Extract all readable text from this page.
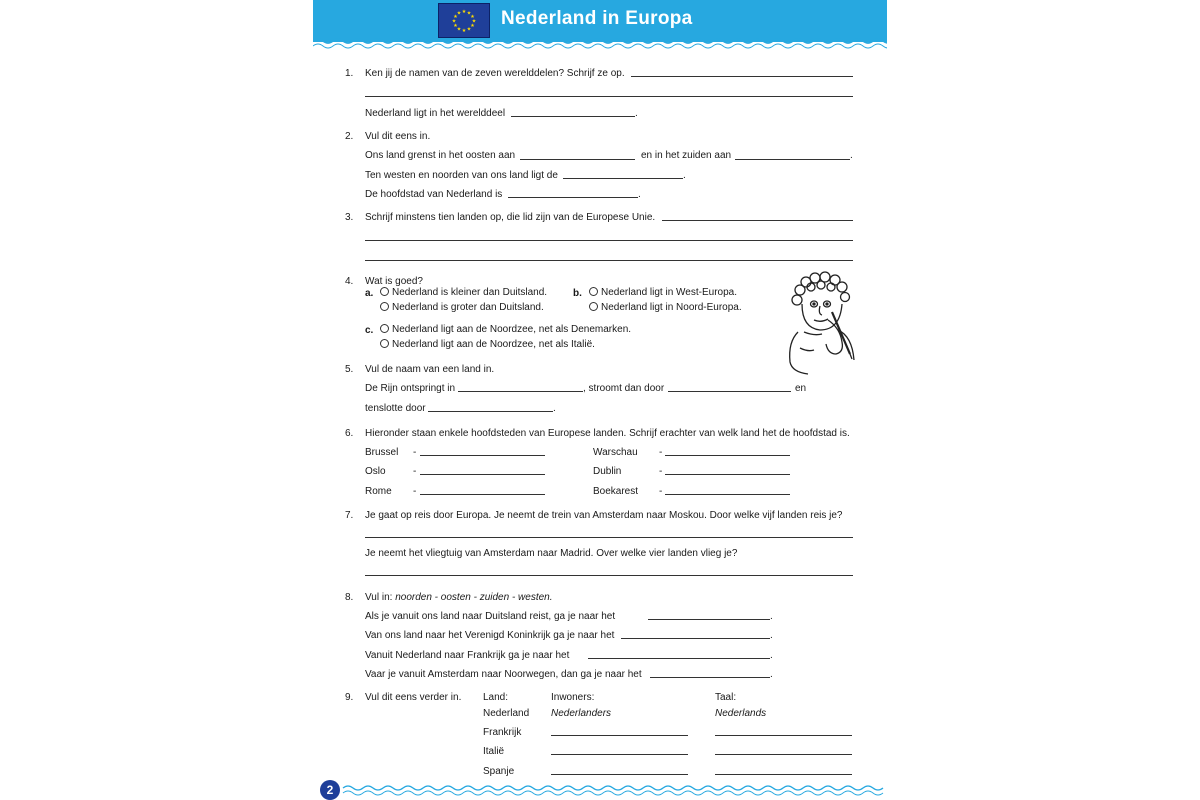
★ ★
★
★
★
★
★
★
★
★
★
★ Nederland in Europa
1. Ken jij de namen van de zeven werelddelen? Schrijf ze op.
Nederland ligt in het werelddeel	.
2. Vul dit eens in.
Ons land grenst in het oosten aan	en in het zuiden aan	.
Ten westen en noorden van ons land ligt de	.
De hoofdstad van Nederland is	.
3. Schrijf minstens tien landen op, die lid zijn van de Europese Unie.
4. Wat is goed?
a.	Nederland is kleiner dan Duitsland.
Nederland is groter dan Duitsland.
b.	Nederland ligt in West-Europa.
Nederland ligt in Noord-Europa.
c.	Nederland ligt aan de Noordzee, net als Denemarken.
Nederland ligt aan de Noordzee, net als Italië.
5. Vul de naam van een land in.
De Rijn ontspringt in	, stroomt dan door	en
tenslotte door	.
6. Hieronder staan enkele hoofdsteden van Europese landen. Schrijf erachter van welk land het de hoofdstad is.
Brussel -
Oslo	-
Rome -
Warschau -
Dublin	-
Boekarest -
7. Je gaat op reis door Europa. Je neemt de trein van Amsterdam naar Moskou. Door welke vijf landen reis je?
Je neemt het vliegtuig van Amsterdam naar Madrid. Over welke vier landen vlieg je?
8. Vul in: noorden - oosten - zuiden - westen.
Als je vanuit ons land naar Duitsland reist, ga je naar het	.
Van ons land naar het Verenigd Koninkrijk ga je naar het	.
Vanuit Nederland naar Frankrijk ga je naar het	.
Vaar je vanuit Amsterdam naar Noorwegen, dan ga je naar het	.
9. Vul dit eens verder in. Land:	Inwoners:	Taal:
Nederland Nederlanders	Nederlands
Frankrijk
Italië
Spanje
2
